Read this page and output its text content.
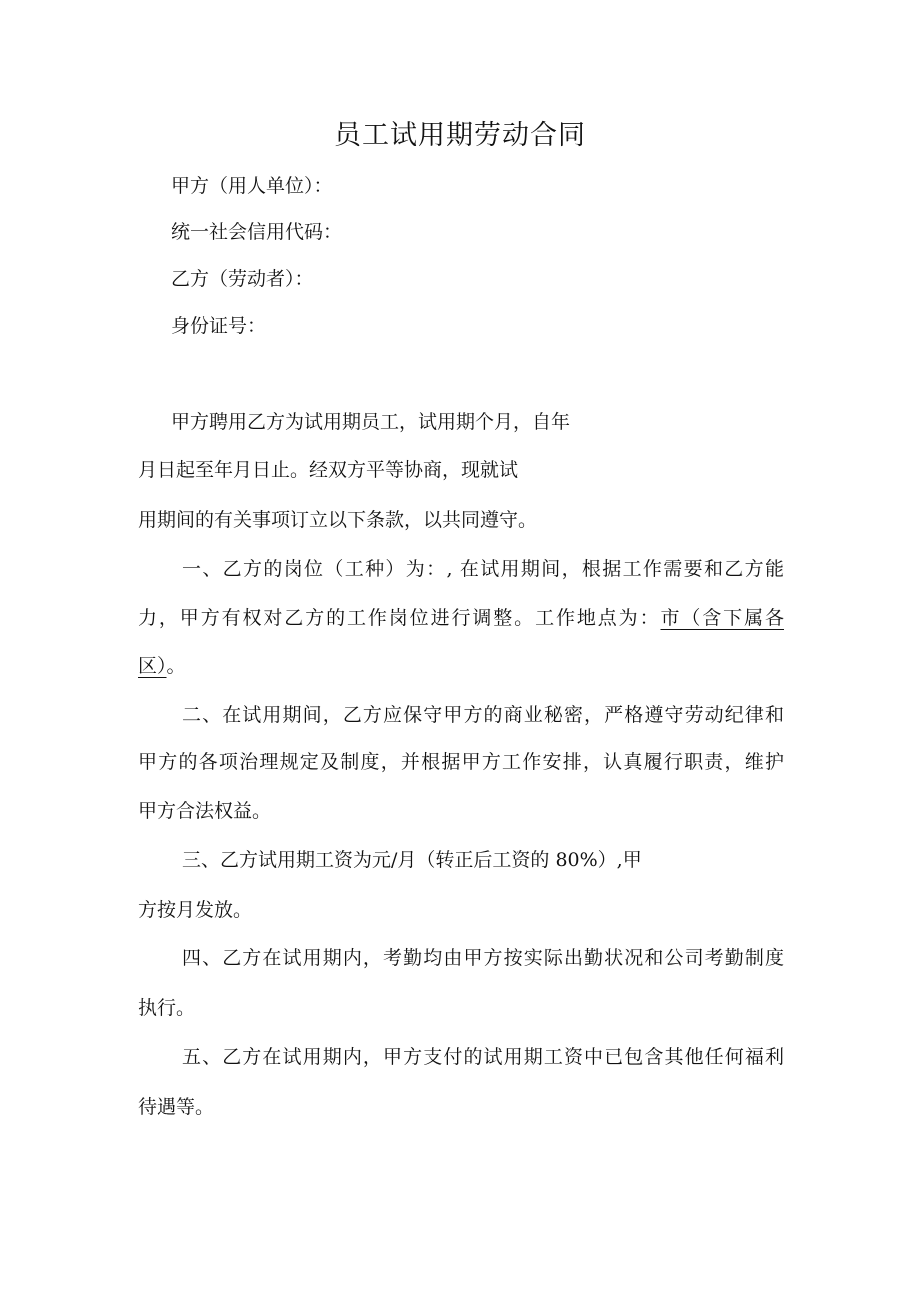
员工试用期劳动合同
甲方（用人单位）：
统一社会信用代码：
乙方（劳动者）：
身份证号：
甲方聘用乙方为试用期员工，试用期个月，自年
月日起至年月日止。经双方平等协商，现就试
用期间的有关事项订立以下条款，以共同遵守。
一、乙方的岗位（工种）为：, 在试用期间，根据工作需要和乙方能
力，甲方有权对乙方的工作岗位进行调整。工作地点为：市（含下属各
区）。
二、在试用期间，乙方应保守甲方的商业秘密，严格遵守劳动纪律和
甲方的各项治理规定及制度，并根据甲方工作安排，认真履行职责，维护
甲方合法权益。
三、乙方试用期工资为元/月（转正后工资的 80%）,甲
方按月发放。
四、乙方在试用期内，考勤均由甲方按实际出勤状况和公司考勤制度
执行。
五、乙方在试用期内，甲方支付的试用期工资中已包含其他任何福利
待遇等。
